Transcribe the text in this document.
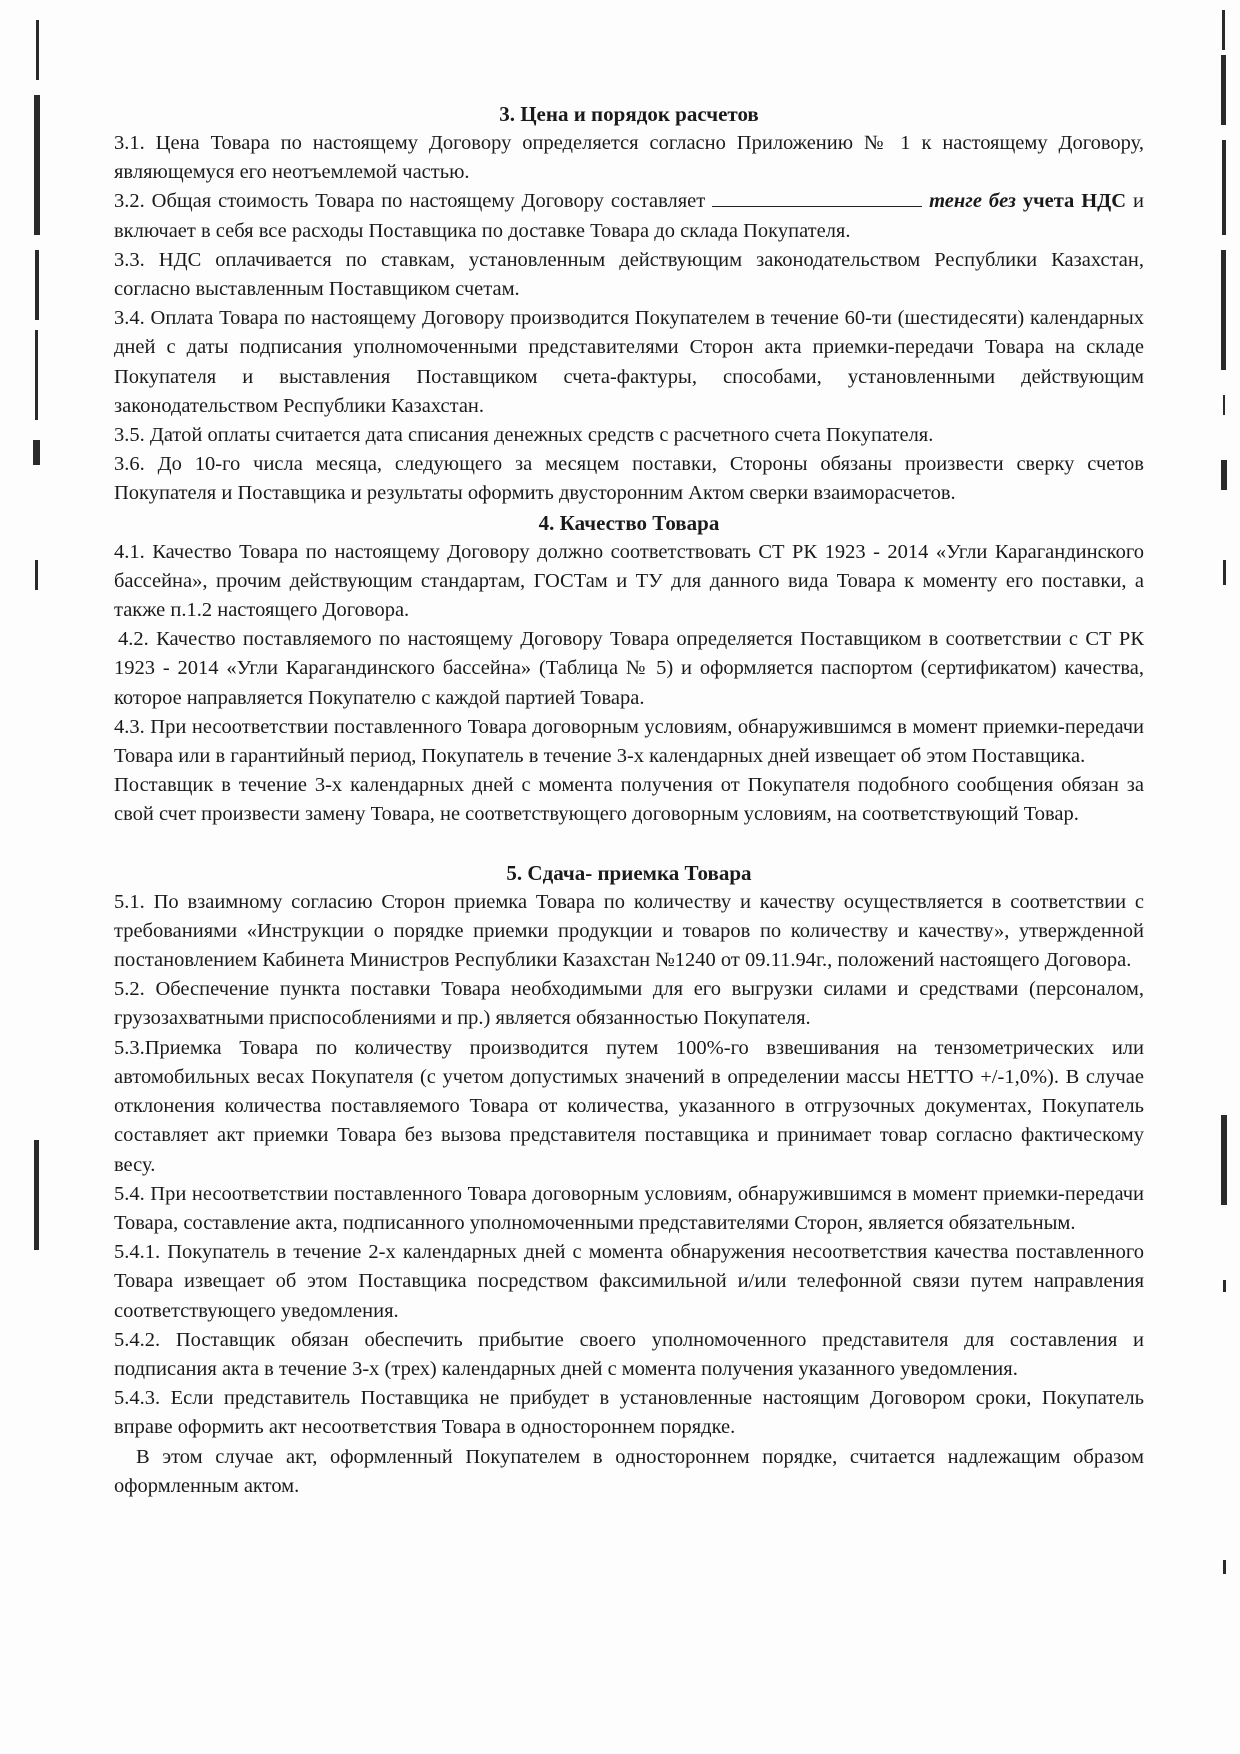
3. Цена и порядок расчетов

3.1. Цена Товара по настоящему Договору определяется согласно Приложению № 1 к настоящему Договору, являющемуся его неотъемлемой частью.

3.2. Общая стоимость Товара по настоящему Договору составляет	тенге без учета НДС и включает в себя все расходы Поставщика по доставке Товара до склада Покупателя.

3.3. НДС оплачивается по ставкам, установленным действующим законодательством Республики Казахстан, согласно выставленным Поставщиком счетам.

3.4. Оплата Товара по настоящему Договору производится Покупателем в течение 60-ти (шестидесяти) календарных дней с даты подписания уполномоченными представителями Сторон акта приемки-передачи Товара на складе Покупателя и выставления Поставщиком счета-фактуры, способами, установленными действующим законодательством Республики Казахстан.

3.5. Датой оплаты считается дата списания денежных средств с расчетного счета Покупателя.

3.6. До 10-го числа месяца, следующего за месяцем поставки, Стороны обязаны произвести сверку счетов Покупателя и Поставщика и результаты оформить двусторонним Актом сверки взаиморасчетов.

4. Качество Товара

4.1. Качество Товара по настоящему Договору должно соответствовать СТ РК 1923 - 2014 «Угли Карагандинского бассейна», прочим действующим стандартам, ГОСТам и ТУ для данного вида Товара к моменту его поставки, а также п.1.2 настоящего Договора.

4.2. Качество поставляемого по настоящему Договору Товара определяется Поставщиком в соответствии с СТ РК 1923 - 2014 «Угли Карагандинского бассейна» (Таблица № 5) и оформляется паспортом (сертификатом) качества, которое направляется Покупателю с каждой партией Товара.

4.3. При несоответствии поставленного Товара договорным условиям, обнаружившимся в момент приемки-передачи Товара или в гарантийный период, Покупатель в течение 3-х календарных дней извещает об этом Поставщика.

Поставщик в течение 3-х календарных дней с момента получения от Покупателя подобного сообщения обязан за свой счет произвести замену Товара, не соответствующего договорным условиям, на соответствующий Товар.

5. Сдача- приемка Товара

5.1. По взаимному согласию Сторон приемка Товара по количеству и качеству осуществляется в соответствии с требованиями «Инструкции о порядке приемки продукции и товаров по количеству и качеству», утвержденной постановлением Кабинета Министров Республики Казахстан №1240 от 09.11.94г., положений настоящего Договора.

5.2. Обеспечение пункта поставки Товара необходимыми для его выгрузки силами и средствами (персоналом, грузозахватными приспособлениями и пр.) является обязанностью Покупателя.

5.3.Приемка Товара по количеству производится путем 100%-го взвешивания на тензометрических или автомобильных весах Покупателя (с учетом допустимых значений в определении массы НЕТТО +/-1,0%). В случае отклонения количества поставляемого Товара от количества, указанного в отгрузочных документах, Покупатель составляет акт приемки Товара без вызова представителя поставщика и принимает товар согласно фактическому весу.

5.4. При несоответствии поставленного Товара договорным условиям, обнаружившимся в момент приемки-передачи Товара, составление акта, подписанного уполномоченными представителями Сторон, является обязательным.

5.4.1. Покупатель в течение 2-х календарных дней с момента обнаружения несоответствия качества поставленного Товара извещает об этом Поставщика посредством факсимильной и/или телефонной связи путем направления соответствующего уведомления.

5.4.2. Поставщик обязан обеспечить прибытие своего уполномоченного представителя для составления и подписания акта в течение 3-х (трех) календарных дней с момента получения указанного уведомления.

5.4.3. Если представитель Поставщика не прибудет в установленные настоящим Договором сроки, Покупатель вправе оформить акт несоответствия Товара в одностороннем порядке.

В этом случае акт, оформленный Покупателем в одностороннем порядке, считается надлежащим образом оформленным актом.
